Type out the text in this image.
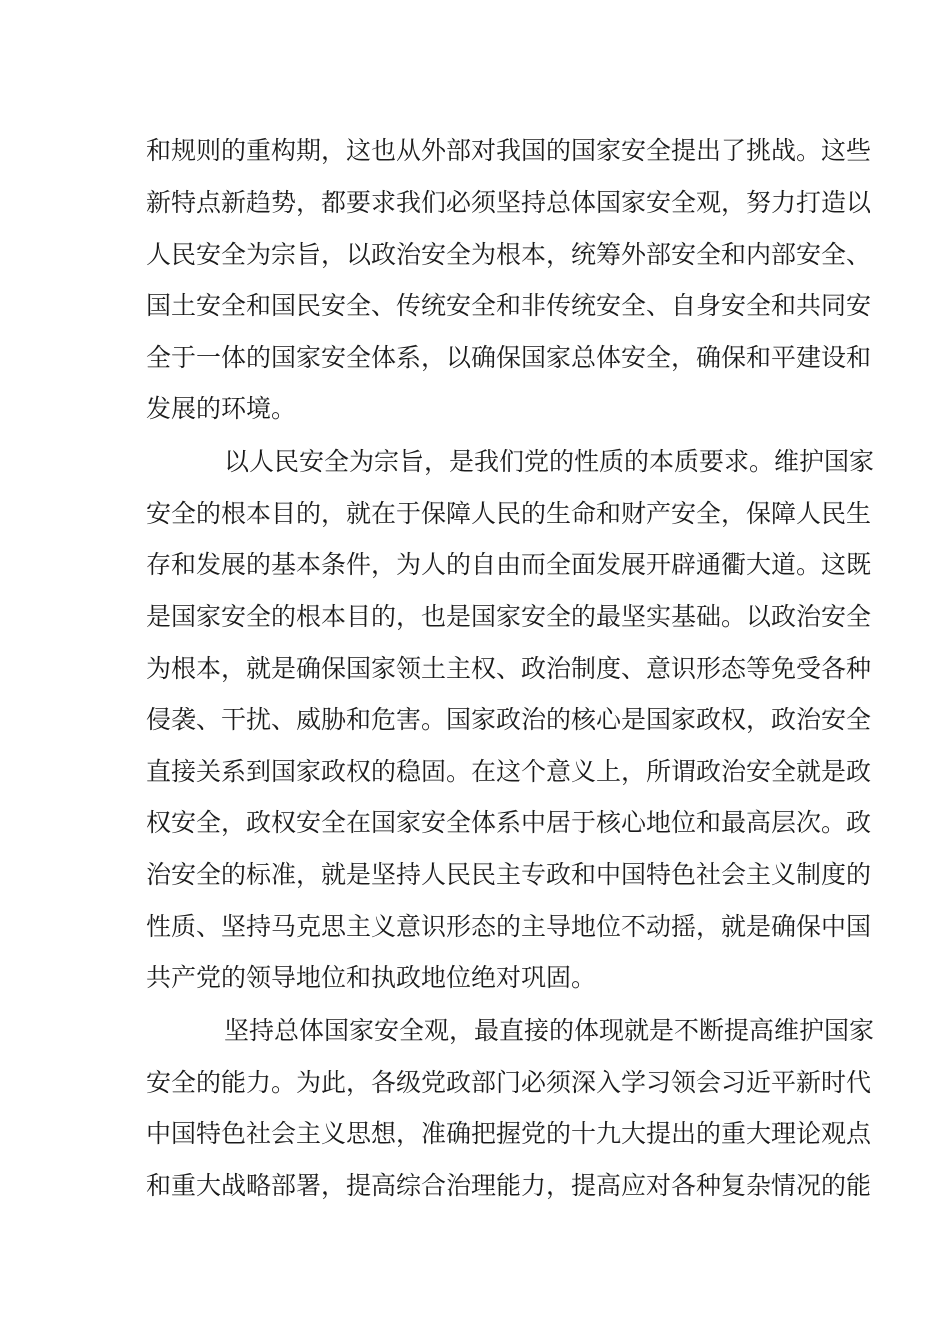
和规则的重构期，这也从外部对我国的国家安全提出了挑战。这些
新特点新趋势，都要求我们必须坚持总体国家安全观，努力打造以
人民安全为宗旨，以政治安全为根本，统筹外部安全和内部安全、
国土安全和国民安全、传统安全和非传统安全、自身安全和共同安
全于一体的国家安全体系，以确保国家总体安全，确保和平建设和
发展的环境。
以人民安全为宗旨，是我们党的性质的本质要求。维护国家
安全的根本目的，就在于保障人民的生命和财产安全，保障人民生
存和发展的基本条件，为人的自由而全面发展开辟通衢大道。这既
是国家安全的根本目的，也是国家安全的最坚实基础。以政治安全
为根本，就是确保国家领土主权、政治制度、意识形态等免受各种
侵袭、干扰、威胁和危害。国家政治的核心是国家政权，政治安全
直接关系到国家政权的稳固。在这个意义上，所谓政治安全就是政
权安全，政权安全在国家安全体系中居于核心地位和最高层次。政
治安全的标准，就是坚持人民民主专政和中国特色社会主义制度的
性质、坚持马克思主义意识形态的主导地位不动摇，就是确保中国
共产党的领导地位和执政地位绝对巩固。
坚持总体国家安全观，最直接的体现就是不断提高维护国家
安全的能力。为此，各级党政部门必须深入学习领会习近平新时代
中国特色社会主义思想，准确把握党的十九大提出的重大理论观点
和重大战略部署，提高综合治理能力，提高应对各种复杂情况的能
